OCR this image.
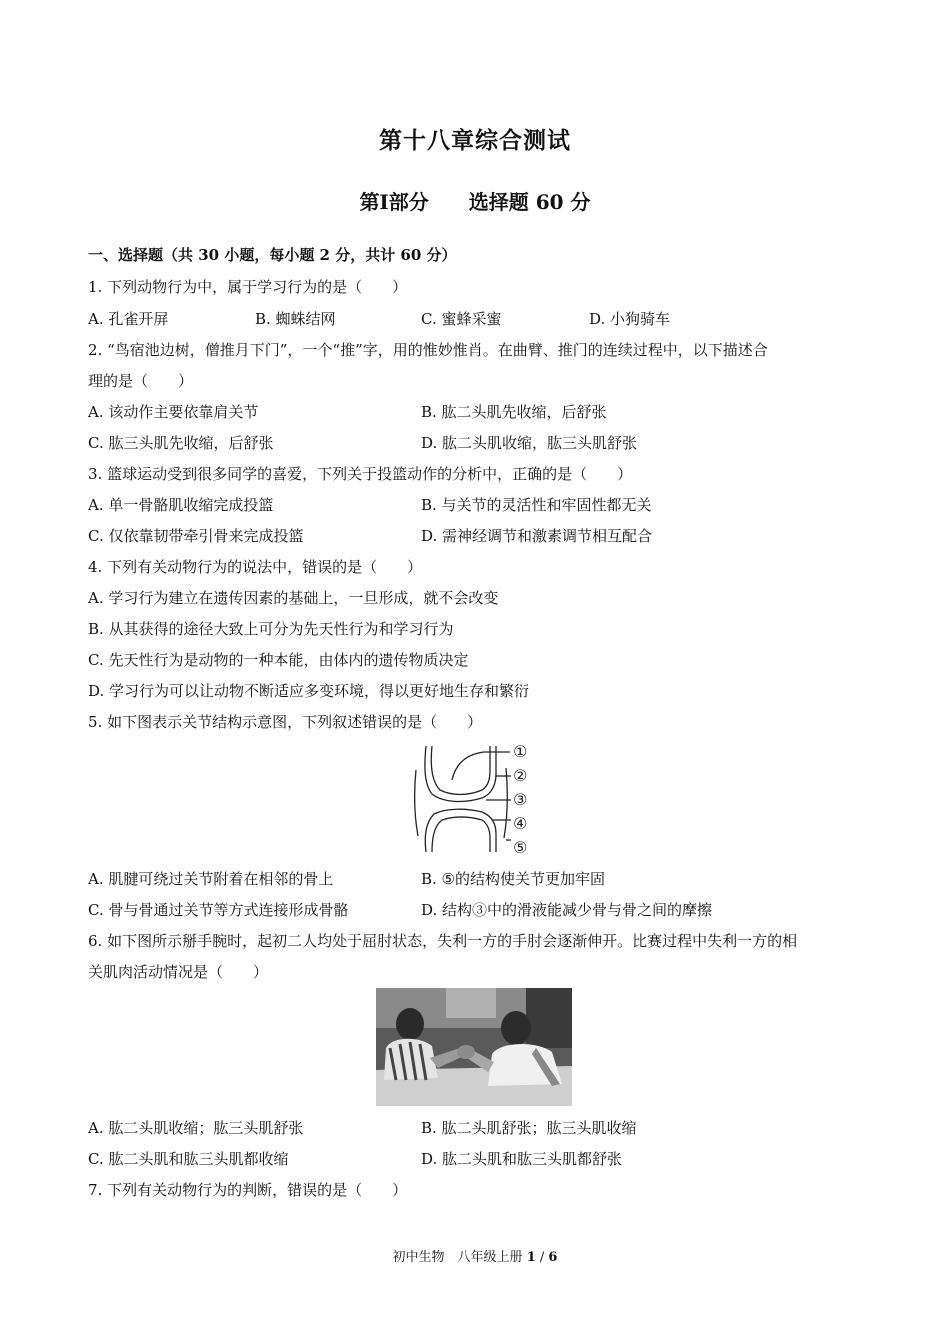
第十八章综合测试
第Ⅰ部分　　选择题 60 分
一、选择题（共 30 小题，每小题 2 分，共计 60 分）
1. 下列动物行为中，属于学习行为的是（　　）
A. 孔雀开屏	B. 蜘蛛结网	C. 蜜蜂采蜜	D. 小狗骑车
2. “鸟宿池边树，僧推月下门”，一个“推”字，用的惟妙惟肖。在曲臂、推门的连续过程中，以下描述合
理的是（　　）
A. 该动作主要依靠肩关节	B. 肱二头肌先收缩，后舒张
C. 肱三头肌先收缩，后舒张	D. 肱二头肌收缩，肱三头肌舒张
3. 篮球运动受到很多同学的喜爱，下列关于投篮动作的分析中，正确的是（　　）
A. 单一骨骼肌收缩完成投篮	B. 与关节的灵活性和牢固性都无关
C. 仅依靠韧带牵引骨来完成投篮	D. 需神经调节和激素调节相互配合
4. 下列有关动物行为的说法中，错误的是（　　）
A. 学习行为建立在遗传因素的基础上，一旦形成，就不会改变
B. 从其获得的途径大致上可分为先天性行为和学习行为
C. 先天性行为是动物的一种本能，由体内的遗传物质决定
D. 学习行为可以让动物不断适应多变环境，得以更好地生存和繁衍
5. 如下图表示关节结构示意图，下列叙述错误的是（　　）
①
②
③
④
⑤
A. 肌腱可绕过关节附着在相邻的骨上	B. ⑤的结构使关节更加牢固
C. 骨与骨通过关节等方式连接形成骨骼	D. 结构③中的滑液能减少骨与骨之间的摩擦
6. 如下图所示掰手腕时，起初二人均处于屈肘状态，失利一方的手肘会逐渐伸开。比赛过程中失利一方的相
关肌肉活动情况是（　　）
A. 肱二头肌收缩；肱三头肌舒张	B. 肱二头肌舒张；肱三头肌收缩
C. 肱二头肌和肱三头肌都收缩	D. 肱二头肌和肱三头肌都舒张
7. 下列有关动物行为的判断，错误的是（　　）
初中生物　八年级上册 1 / 6
